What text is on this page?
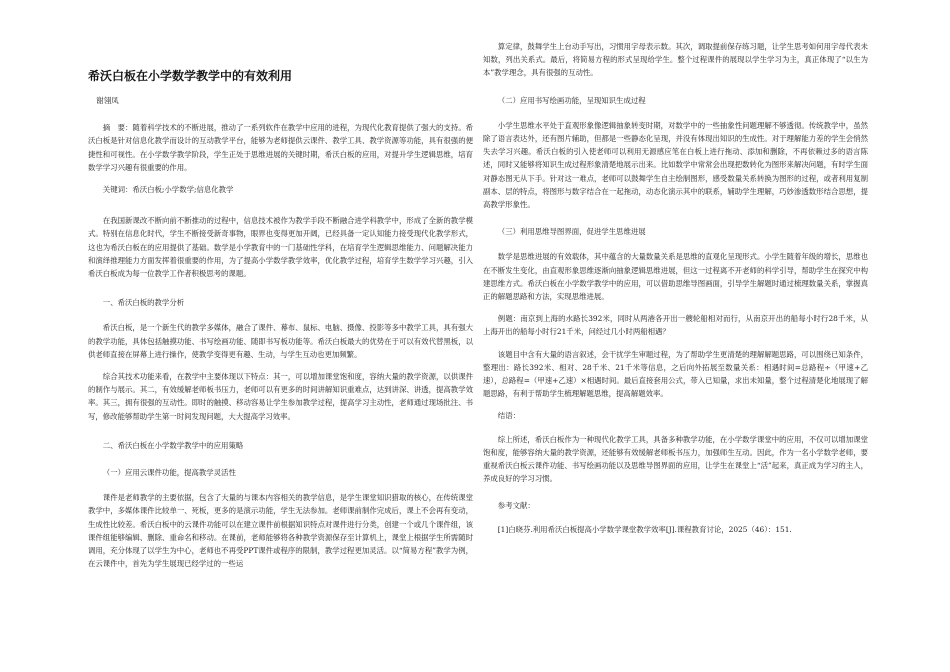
希沃白板在小学数学教学中的有效利用
谢翎凤
摘　要：随着科学技术的不断进展，推动了一系列软件在教学中应用的进程，为现代化教育提供了强大的支持。希沃白板是针对信息化教学而设计的互动教学平台，能够为老师提供云课件、教学工具、教学资源等功能，具有很强的便捷性和可视性。在小学数学教学阶段，学生正处于思维进展的关键时期，希沃白板的应用，对提升学生逻辑思维，培育数学学习兴趣有很重要的作用。
关键词：希沃白板;小学数学;信息化教学
在我国新课改不断向前不断推动的过程中，信息技术被作为教学手段不断融合进学科教学中，形成了全新的教学模式。特别在信息化时代，学生不断接受新奇事物，眼界也变得更加开阔，已经具备一定认知能力接受现代化教学形式，这也为希沃白板在的应用提供了基础。数学是小学教育中的一门基础性学科，在培育学生逻辑思维能力、问题解决能力和演绎推理能力方面发挥着很重要的作用，为了提高小学数学教学效率，优化教学过程，培育学生数学学习兴趣，引入希沃白板成为每一位教学工作者积极思考的课题。
一、希沃白板的教学分析
希沃白板，是一个新生代的教学多媒体，融合了课件、幕布、鼠标、电脑、摄像、投影等多中教学工具，具有强大的教学功能，具体包括触摸功能、书写绘画功能、随即书写板功能等。希沃白板最大的优势在于可以有效代替黑板，以供老师直接在屏幕上进行操作，使教学变得更有趣、生动，与学生互动也更加频繁。
综合其技术功能来看，在教学中主要体现以下特点：其一，可以增加课堂饱和度，容纳大量的教学资源，以供课件的制作与展示。其二，有效缓解老师板书压力，老师可以有更多的时间讲解知识重难点，达到讲深、讲透，提高教学效率。其三，拥有很强的互动性。即时的触摸、移动容易让学生参加教学过程，提高学习主动性，老师通过现场批注、书写，修改能够帮助学生第一时间发现问题，大大提高学习效率。
二、希沃白板在小学数学教学中的应用策略
（一）应用云课件功能，提高教学灵活性
课件是老师教学的主要依据，包含了大量的与课本内容相关的教学信息，是学生课堂知识猎取的核心，在传统课堂教学中，多媒体课件比较单一、死板，更多的是演示功能，学生无法参加。老师课前制作完成后，课上不会再有变动，生成性比较差。希沃白板中的云课件功能可以在建立课件前根据知识特点对课件进行分类，创建一个或几个课件组，该课件组能够编辑、删除、重命名和移动。在课前，老师能够将各种教学资源保存至计算机上，课堂上根据学生所需随时调用，充分体现了以学生为中心，老师也不再受PPT课件或程序的限制，教学过程更加灵活。以“简易方程”教学为例，在云课件中，首先为学生展现已经学过的一些运
算定律，鼓舞学生上台动手写出，习惯用字母表示数。其次，调取提前保存练习题，让学生思考如何用字母代表未知数，列出关系式。最后，将简易方程的形式呈现给学生。整个过程课件的展现以学生学习为主，真正体现了“以生为本”教学理念，具有很强的互动性。
（二）应用书写绘画功能，呈现知识生成过程
小学生思维水平处于直观形象像逻辑抽象转变时期，对数学中的一些抽象性问题理解不够透彻。传统教学中，虽然除了语言表达外，还有图片辅助，但都是一些静态化呈现，并没有体现出知识的生成性。对于理解能力差的学生会悄然失去学习兴趣。希沃白板的引入使老师可以利用无源感应笔在白板上进行拖动、添加和删除，不再依赖过多的语言陈述，同时又能够将知识生成过程形象清楚地展示出来。比如数学中常常会出现把数转化为图形来解决问题，有时学生面对静态图无从下手。针对这一难点，老师可以鼓舞学生自主绘制图形，感受数量关系转换为图形的过程，或者利用复制副本、层的特点，将图形与数字结合在一起拖动，动态化演示其中的联系，辅助学生理解，巧妙渗透数形结合思想，提高教学形象性。
（三）利用思维导图界面，促进学生思维进展
数学是思维进展的有效载体，其中蕴含的大量数量关系是思维的直观化呈现形式。小学生随着年级的增长，思维也在不断发生变化，由直观形象思维逐渐向抽象逻辑思维进展，但这一过程离不开老师的科学引导，帮助学生在探究中构建思维方式。希沃白板在小学数学教学中的应用，可以借助思维导图画面，引导学生解题时通过梳理数量关系，掌握真正的解题思路和方法，实现思维进展。
例题：南京到上海的水路长392米，同时从两港各开出一艘轮船相对而行，从南京开出的船每小时行28千米，从上海开出的船每小时行21千米，问经过几小时两船相遇？
该题目中含有大量的语言叙述，会干扰学生审题过程，为了帮助学生更清楚的理解解题思路，可以围绕已知条件，整理出：路长392米、相对、28千米、21千米等信息，之后向外拓展至数量关系：相遇时间=总路程÷（甲速+乙速），总路程=（甲速+乙速）×相遇时间。最后直接套用公式，带入已知量，求出未知量，整个过程清楚化地展现了解题思路，有利于帮助学生梳理解题思维，提高解题效率。
结语：
综上所述，希沃白板作为一种现代化教学工具，具备多种教学功能，在小学数学课堂中的应用，不仅可以增加课堂饱和度，能够容纳大量的教学资源，还能够有效缓解老师板书压力，加强师生互动。因此，作为一名小学数学老师，要重视希沃白板云课件功能、书写绘画功能以及思维导图界面的应用，让学生在课堂上“活”起来，真正成为学习的主人，养成良好的学习习惯。
参考文献：
[1]白晓芬.利用希沃白板提高小学数学课堂教学效率[J].课程教育讨论，2025（46）：151.
